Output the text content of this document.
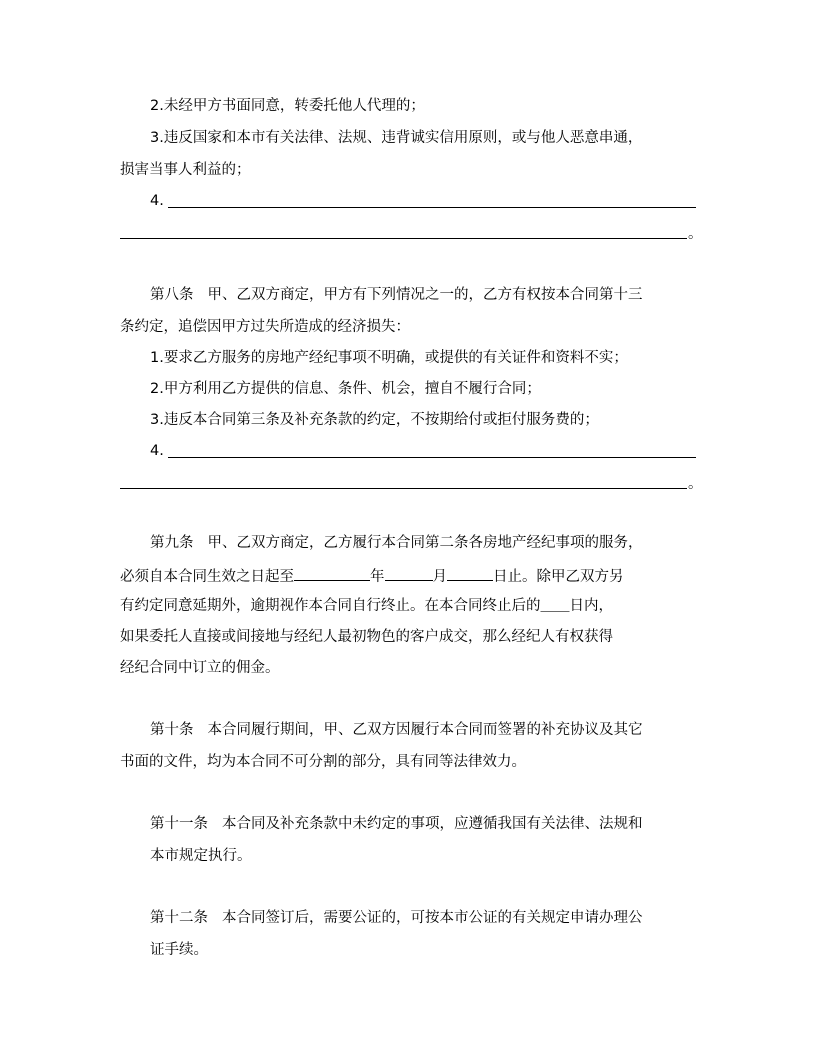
2.未经甲方书面同意，转委托他人代理的；
3.违反国家和本市有关法律、法规、违背诚实信用原则，或与他人恶意串通，
损害当事人利益的；
4.
。
第八条 甲、乙双方商定，甲方有下列情况之一的，乙方有权按本合同第十三
条约定，追偿因甲方过失所造成的经济损失：
1.要求乙方服务的房地产经纪事项不明确，或提供的有关证件和资料不实；
2.甲方利用乙方提供的信息、条件、机会，擅自不履行合同；
3.违反本合同第三条及补充条款的约定，不按期给付或拒付服务费的；
4.
。
第九条 甲、乙双方商定，乙方履行本合同第二条各房地产经纪事项的服务，
必须自本合同生效之日起至	年	月	日止。除甲乙双方另
有约定同意延期外，逾期视作本合同自行终止。在本合同终止后的＿＿日内，
如果委托人直接或间接地与经纪人最初物色的客户成交，那么经纪人有权获得
经纪合同中订立的佣金。
第十条 本合同履行期间，甲、乙双方因履行本合同而签署的补充协议及其它
书面的文件，均为本合同不可分割的部分，具有同等法律效力。
第十一条 本合同及补充条款中未约定的事项，应遵循我国有关法律、法规和
本市规定执行。
第十二条 本合同签订后，需要公证的，可按本市公证的有关规定申请办理公
证手续。
